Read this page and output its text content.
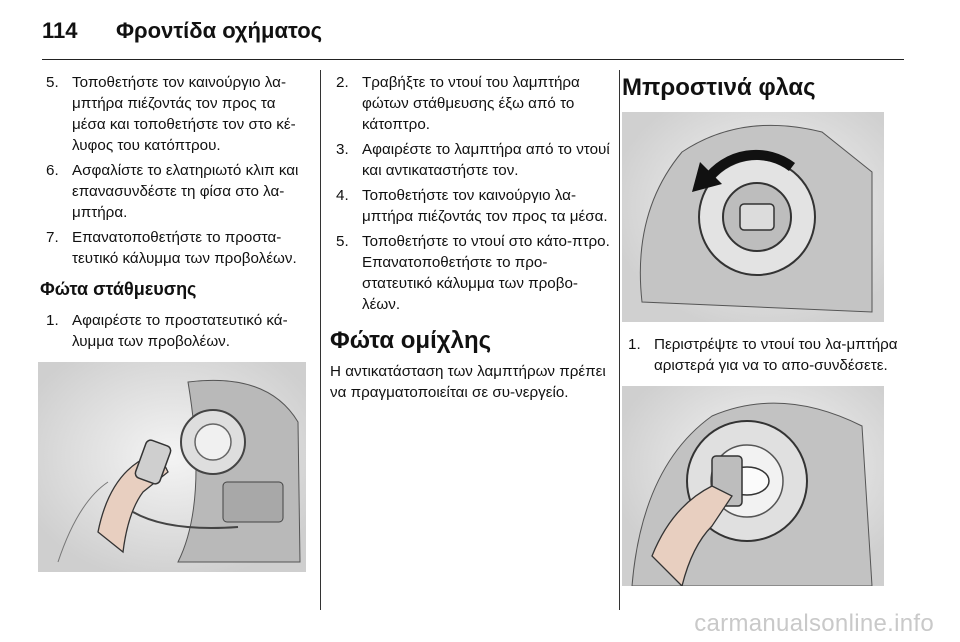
114 Φροντίδα οχήματος
5. Τοποθετήστε τον καινούργιο λα-μπτήρα πιέζοντάς τον προς τα μέσα και τοποθετήστε τον στο κέ-λυφος του κατόπτρου.
6. Ασφαλίστε το ελατηριωτό κλιπ και επανασυνδέστε τη φίσα στο λα-μπτήρα.
7. Επανατοποθετήστε το προστα-τευτικό κάλυμμα των προβολέων.
Φώτα στάθμευσης
1. Αφαιρέστε το προστατευτικό κά-λυμμα των προβολέων.
2. Τραβήξτε το ντουί του λαμπτήρα φώτων στάθμευσης έξω από το κάτοπτρο.
3. Αφαιρέστε το λαμπτήρα από το ντουί και αντικαταστήστε τον.
4. Τοποθετήστε τον καινούργιο λα-μπτήρα πιέζοντάς τον προς τα μέσα.
5. Τοποθετήστε το ντουί στο κάτο-πτρο. Επανατοποθετήστε το προ-στατευτικό κάλυμμα των προβο-λέων.
Φώτα ομίχλης

Η αντικατάσταση των λαμπτήρων πρέπει να πραγματοποιείται σε συ-νεργείο.

Μπροστινά φλας
1. Περιστρέψτε το ντουί του λα-μπτήρα αριστερά για να το απο-συνδέσετε.
carmanualsonline.info
